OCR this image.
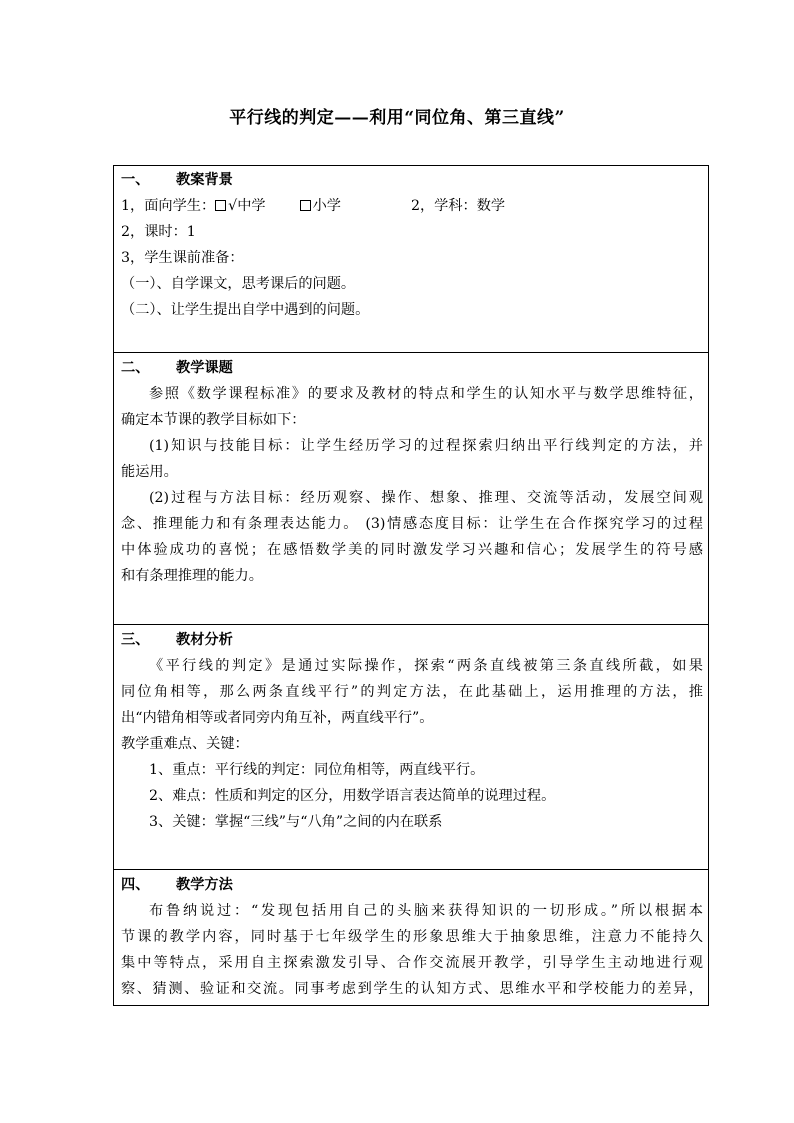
平行线的判定——利用“同位角、第三直线”
一、 教案背景
1，面向学生： √中学	小学	2，学科：数学
2，课时：1
3，学生课前准备：
（一）、自学课文，思考课后的问题。
（二）、让学生提出自学中遇到的问题。
二、 教学课题
参照《数学课程标准》的要求及教材的特点和学生的认知水平与数学思维特征，
确定本节课的教学目标如下：
(1)知识与技能目标：让学生经历学习的过程探索归纳出平行线判定的方法，并
能运用。
(2)过程与方法目标：经历观察、操作、想象、推理、交流等活动，发展空间观
念、推理能力和有条理表达能力。 (3)情感态度目标：让学生在合作探究学习的过程
中体验成功的喜悦；在感悟数学美的同时激发学习兴趣和信心；发展学生的符号感
和有条理推理的能力。
三、 教材分析
《平行线的判定》是通过实际操作，探索“两条直线被第三条直线所截，如果
同位角相等，那么两条直线平行”的判定方法，在此基础上，运用推理的方法，推
出“内错角相等或者同旁内角互补，两直线平行”。
教学重难点、关键：
1、重点：平行线的判定：同位角相等，两直线平行。
2、难点：性质和判定的区分，用数学语言表达简单的说理过程。
3、关键：掌握“三线”与“八角”之间的内在联系
四、 教学方法
布鲁纳说过：“发现包括用自己的头脑来获得知识的一切形成。”所以根据本
节课的教学内容，同时基于七年级学生的形象思维大于抽象思维，注意力不能持久
集中等特点，采用自主探索激发引导、合作交流展开教学，引导学生主动地进行观
察、猜测、验证和交流。同事考虑到学生的认知方式、思维水平和学校能力的差异，
